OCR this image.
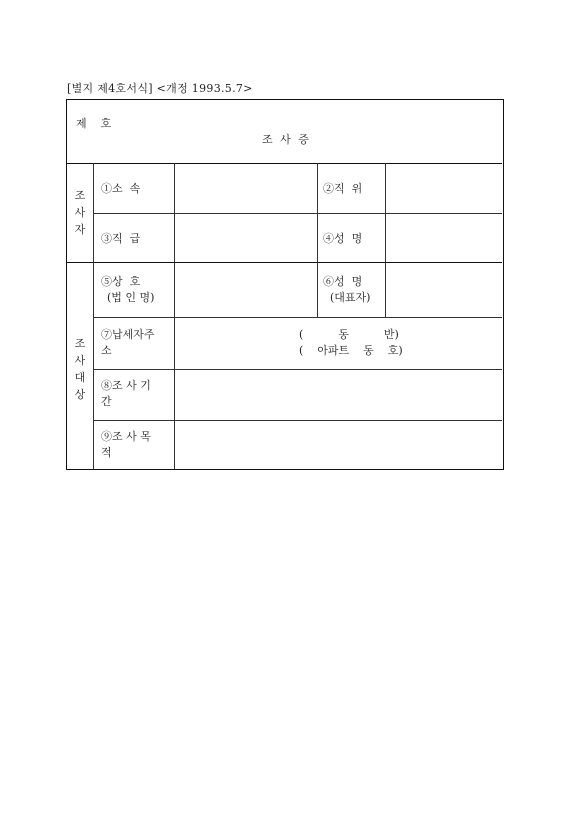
[별지 제4호서식] <개정 1993.5.7>
제    호
조 사 증
조
사
자
①소  속	②직  위
③직  급	④성  명
조
사
대
상
⑤상  호
(법 인 명)
⑥성  명
(대표자)
⑦납세자주
소
(          동          반)
(    아파트    동    호)
⑧조 사 기
간
⑨조 사 목
적
